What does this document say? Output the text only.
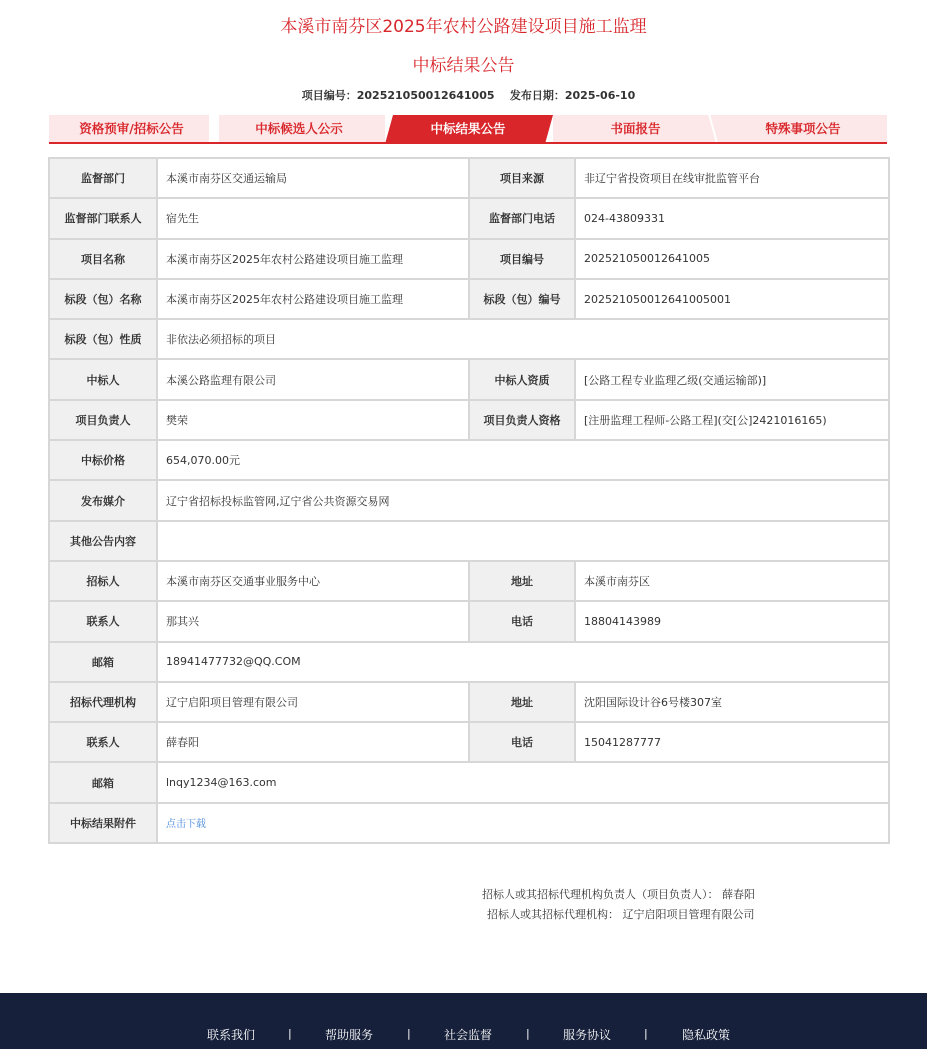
本溪市南芬区2025年农村公路建设项目施工监理
中标结果公告
项目编号：202521050012641005 发布日期：2025-06-10
资格预审/招标公告	中标候选人公示	中标结果公告	书面报告	特殊事项公告
监督部门	本溪市南芬区交通运输局	项目来源	非辽宁省投资项目在线审批监管平台
监督部门联系人	宿先生	监督部门电话	024-43809331
项目名称	本溪市南芬区2025年农村公路建设项目施工监理	项目编号	202521050012641005
标段（包）名称	本溪市南芬区2025年农村公路建设项目施工监理	标段（包）编号	202521050012641005001
标段（包）性质	非依法必须招标的项目		
中标人	本溪公路监理有限公司	中标人资质	[公路工程专业监理乙级(交通运输部)]
项目负责人	樊荣	项目负责人资格	[注册监理工程师-公路工程](交[公]2421016165)
中标价格	654,070.00元		
发布媒介	辽宁省招标投标监管网,辽宁省公共资源交易网		
其他公告内容			
招标人	本溪市南芬区交通事业服务中心	地址	本溪市南芬区
联系人	那其兴	电话	18804143989
邮箱	18941477732@QQ.COM		
招标代理机构	辽宁启阳项目管理有限公司	地址	沈阳国际设计谷6号楼307室
联系人	薛春阳	电话	15041287777
邮箱	lnqy1234@163.com		
中标结果附件	点击下载		
招标人或其招标代理机构负责人（项目负责人）： 薛春阳
招标人或其招标代理机构： 辽宁启阳项目管理有限公司
联系我们	|	帮助服务	|	社会监督	|	服务协议	|	隐私政策
